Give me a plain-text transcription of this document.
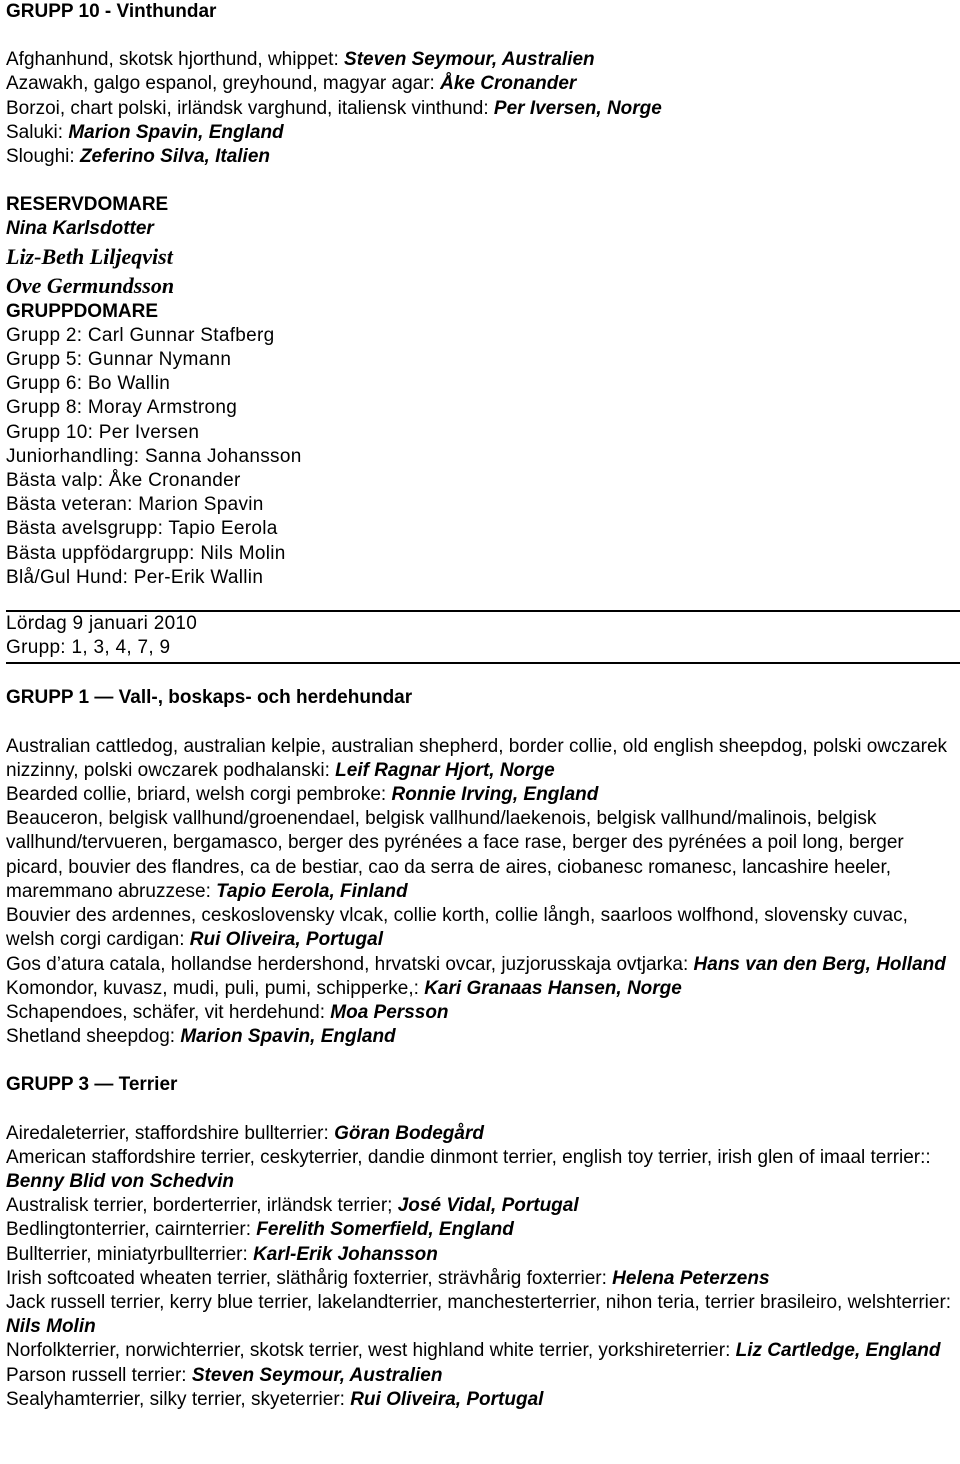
GRUPP 10 - Vinthundar

Afghanhund, skotsk hjorthund, whippet: Steven Seymour, Australien

Azawakh, galgo espanol, greyhound, magyar agar: Åke Cronander

Borzoi, chart polski, irländsk varghund, italiensk vinthund: Per Iversen, Norge

Saluki: Marion Spavin, England

Sloughi: Zeferino Silva, Italien

RESERVDOMARE

Nina Karlsdotter

Liz-Beth Liljeqvist

Ove Germundsson

GRUPPDOMARE

Grupp 2: Carl Gunnar Stafberg

Grupp 5: Gunnar Nymann

Grupp 6: Bo Wallin

Grupp 8: Moray Armstrong

Grupp 10: Per Iversen

Juniorhandling: Sanna Johansson

Bästa valp: Åke Cronander

Bästa veteran: Marion Spavin

Bästa avelsgrupp: Tapio Eerola

Bästa uppfödargrupp: Nils Molin

Blå/Gul Hund: Per-Erik Wallin

Lördag 9 januari 2010

Grupp: 1, 3, 4, 7, 9

GRUPP 1 — Vall-, boskaps- och herdehundar

Australian cattledog, australian kelpie, australian shepherd, border collie, old english sheepdog, polski owczarek nizzinny, polski owczarek podhalanski: Leif Ragnar Hjort, Norge

Bearded collie, briard, welsh corgi pembroke: Ronnie Irving, England

Beauceron, belgisk vallhund/groenendael, belgisk vallhund/laekenois, belgisk vallhund/malinois, belgisk vallhund/tervueren, bergamasco, berger des pyrénées a face rase, berger des pyrénées a poil long, berger picard, bouvier des flandres, ca de bestiar, cao da serra de aires, ciobanesc romanesc, lancashire heeler, maremmano abruzzese: Tapio Eerola, Finland

Bouvier des ardennes, ceskoslovensky vlcak, collie korth, collie långh, saarloos wolfhond, slovensky cuvac, welsh corgi cardigan: Rui Oliveira, Portugal

Gos d’atura catala, hollandse herdershond, hrvatski ovcar, juzjorusskaja ovtjarka: Hans van den Berg, Holland

Komondor, kuvasz, mudi, puli, pumi, schipperke,: Kari Granaas Hansen, Norge

Schapendoes, schäfer, vit herdehund: Moa Persson

Shetland sheepdog: Marion Spavin, England

GRUPP 3 — Terrier

Airedaleterrier, staffordshire bullterrier: Göran Bodegård

American staffordshire terrier, ceskyterrier, dandie dinmont terrier, english toy terrier, irish glen of imaal terrier:: Benny Blid von Schedvin

Australisk terrier, borderterrier, irländsk terrier; José Vidal, Portugal

Bedlingtonterrier, cairnterrier: Ferelith Somerfield, England

Bullterrier, miniatyrbullterrier: Karl-Erik Johansson

Irish softcoated wheaten terrier, släthårig foxterrier, strävhårig foxterrier: Helena Peterzens

Jack russell terrier, kerry blue terrier, lakelandterrier, manchesterterrier, nihon teria, terrier brasileiro, welshterrier: Nils Molin

Norfolkterrier, norwichterrier, skotsk terrier, west highland white terrier, yorkshireterrier: Liz Cartledge, England

Parson russell terrier: Steven Seymour, Australien

Sealyhamterrier, silky terrier, skyeterrier: Rui Oliveira, Portugal
